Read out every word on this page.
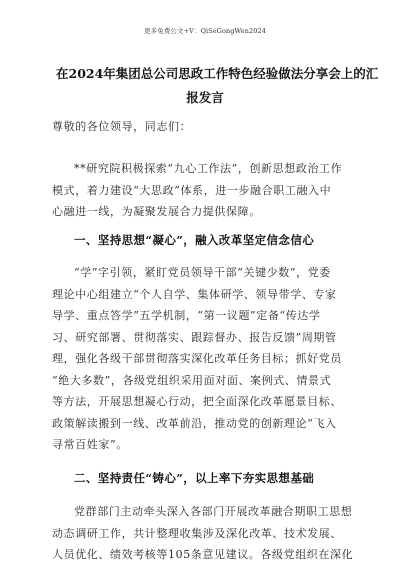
更多免费公文+V：QiSeGongWen2024
在2024年集团总公司思政工作特色经验做法分享会上的汇
报发言
尊敬的各位领导，同志们：
**研究院积极探索“九心工作法”，创新思想政治工作
模式，着力建设“大思政”体系，进一步融合职工融入中
心融进一线，为凝聚发展合力提供保障。
一、坚持思想“凝心”，融入改革坚定信念信心
“学”字引领，紧盯党员领导干部“关键少数”，党委
理论中心组建立“个人自学、集体研学、领导带学、专家
导学、重点答学”五学机制，“第一议题”定备“传达学
习、研究部署、贯彻落实、跟踪督办、报告反馈”周期管
理，强化各级干部贯彻落实深化改革任务目标；抓好党员
“绝大多数”，各级党组织采用面对面、案例式、情景式
等方法，开展思想凝心行动，把全面深化改革愿景目标、
政策解读搬到一线、改革前沿，推动党的创新理论“飞入
寻常百姓家”。
二、坚持责任“铸心”，以上率下夯实思想基础
党群部门主动牵头深入各部门开展改革融合期职工思想
动态调研工作，共计整理收集涉及深化改革、技术发展、
人员优化、绩效考核等105条意见建议。各级党组织在深化
